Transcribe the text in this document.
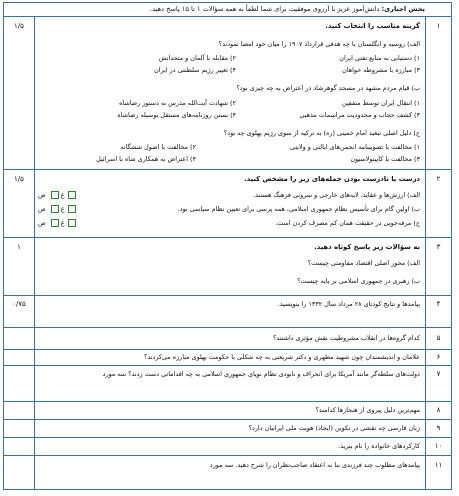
بخش اجباری: دانش‌آموز عزیز با آرزوی موفقیت برای شما لطفاً به همه سؤالات ۱ تا ۱۵ پاسخ دهید.
۱
۱/۵	گزینه مناسب را انتخاب کنید.
الف) روسیه و انگلستان با چه هدفی قرارداد ۱۹۰۷ را میان خود امضا نمودند؟
۱) دستیابی به منابع نفتی ایران
۲) مقابله با آلمان و متحدانش
۳) مبارزه با مشروطه خواهان
۴) تغییر رژیم سلطنتی در ایران
ب) قیام مردم مشهد در مسجد گوهرشاد در اعتراض به چه چیزی بود؟
۱) انتقال ایران توسط متفقین
۲) شهادت آیت‌الله مدرس به دستور رضاشاه
۳) کشف حجاب و محدودیت مراسمات مذهبی
۴) بستن روزنامه‌های مستقل بوسیله رضاشاه
ج) دلیل اصلی تبعید امام خمینی (ره) به ترکیه از سوی رژیم پهلوی چه بود؟
۱) مخالفت با تصویبنامه انجمن‌های ایالتی و ولایتی
۲) مخالفت با اصول ششگانه
۳) مخالفت با کاپیتولاسیون
۴) اعتراض به همکاری شاه با اسرائیل
۲
۱/۵	درست یا نادرست بودن جمله‌های زیر را مشخص کنید.
الف) ارزش‌ها و عقاید، لایه‌های خارجی و سرونی فرهنگ هستند.
غ ص
ب) اولین گام برای تأسیس نظام جمهوری اسلامی، همه پرسی برای تعیین نظام سیاسی بود.
غ ص
ج) مرفه‌جویی در حقیقت همان کم مصرف کردن است.
غ ص
۳
۱	به سؤالات زیر پاسخ کوتاه دهید.
الف) محور اصلی اقتصاد مقاومتی چیست؟
ب) رهبری در جمهوری اسلامی بر پایه چیست؟
۴
۰/۷۵	پیامدها و نتایج کودتای ۲۸ مرداد سال ۱۳۳۲ را بنویسید.
۵
کدام گروه‌ها در انقلاب مشروطیت نقش مؤثری داشتند؟
۶
علامان و اندیشمندان چون شهید مطهری و دکتر شریعتی به چه شکلی با حکومت پهلوی مبارزه می‌کردند؟
۷
دولت‌های سلطه‌گر مانند آمریکا برای انحراف و نابودی نظام نوپای جمهوری اسلامی به چه اقداماتی دست زدند؟ سه مورد
۸
مهم‌ترین دلیل پیروی از هنجارها کدامند؟
۹
زبان فارسی چه نقشی در تکوین (ایجاد) هویت ملی ایرانیان دارد؟
۱۰
کارکردهای خانواده را نام ببرید.
۱۱
پیامدهای مطلوب چند فرزندی بنا به اعتقاد صاحب‌نظران را شرح دهید. سه مورد
